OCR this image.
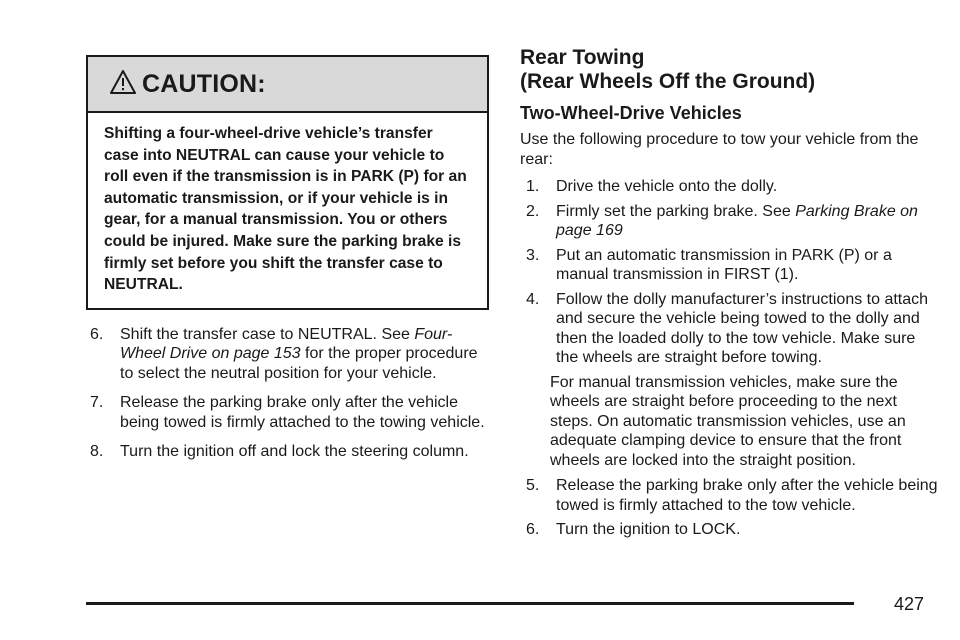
CAUTION:

Shifting a four-wheel-drive vehicle’s transfer case into NEUTRAL can cause your vehicle to roll even if the transmission is in PARK (P) for an automatic transmission, or if your vehicle is in gear, for a manual transmission. You or others could be injured. Make sure the parking brake is firmly set before you shift the transfer case to NEUTRAL.

6.	Shift the transfer case to NEUTRAL. See Four-Wheel Drive on page 153 for the proper procedure to select the neutral position for your vehicle.
7.	Release the parking brake only after the vehicle being towed is firmly attached to the towing vehicle.
8.	Turn the ignition off and lock the steering column.
Rear Towing
(Rear Wheels Off the Ground)
Two-Wheel-Drive Vehicles

Use the following procedure to tow your vehicle from the rear:

1.	Drive the vehicle onto the dolly.
2.	Firmly set the parking brake. See Parking Brake on page 169
3.	Put an automatic transmission in PARK (P) or a manual transmission in FIRST (1).
4.	Follow the dolly manufacturer’s instructions to attach and secure the vehicle being towed to the dolly and then the loaded dolly to the tow vehicle. Make sure the wheels are straight before towing.

For manual transmission vehicles, make sure the wheels are straight before proceeding to the next steps. On automatic transmission vehicles, use an adequate clamping device to ensure that the front wheels are locked into the straight position.

5.	Release the parking brake only after the vehicle being towed is firmly attached to the tow vehicle.
6.	Turn the ignition to LOCK.
427
